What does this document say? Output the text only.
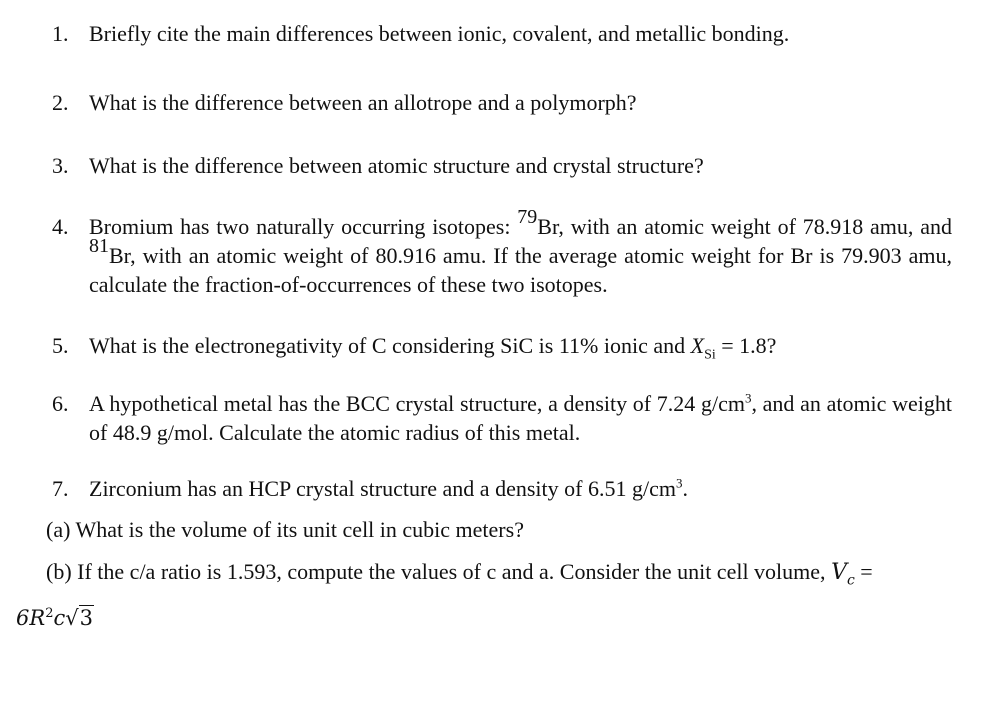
1. Briefly cite the main differences between ionic, covalent, and metallic bonding.
2. What is the difference between an allotrope and a polymorph?
3. What is the difference between atomic structure and crystal structure?
4. Bromium has two naturally occurring isotopes: $^{79}$Br, with an atomic weight of 78.918 amu, and $^{81}$Br, with an atomic weight of 80.916 amu. If the average atomic weight for Br is 79.903 amu, calculate the fraction-of-occurrences of these two isotopes.
5. What is the electronegativity of C considering SiC is 11% ionic and $X_{Si} = 1.8$?
6. A hypothetical metal has the BCC crystal structure, a density of 7.24 $g/cm^3$, and an atomic weight of 48.9 g/mol. Calculate the atomic radius of this metal.
7. Zirconium has an HCP crystal structure and a density of 6.51 $g/cm^3$.
(a) What is the volume of its unit cell in cubic meters?
(b) If the c/a ratio is 1.593, compute the values of c and a. Consider the unit cell volume, $V_c$ =
$6R^2c√3$
